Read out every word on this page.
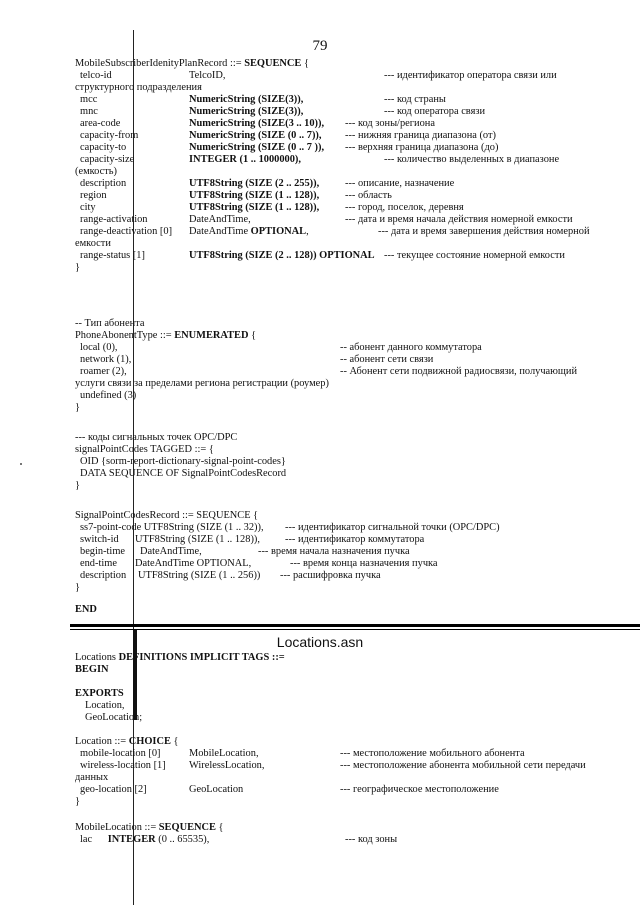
79
Locations.asn
MobileSubscriberIdenityPlanRecord ::= SEQUENCE {
telco-id	TelcoID,	--- идентификатор оператора связи или
структурного подразделения
mcc	NumericString (SIZE(3)),	--- код страны
mnc	NumericString (SIZE(3)),	--- код оператора связи
area-code	NumericString (SIZE(3 .. 10)), --- код зоны/региона
capacity-from	NumericString (SIZE (0 .. 7)), --- нижняя граница диапазона (от)
capacity-to	NumericString (SIZE (0 .. 7 )), --- верхняя граница диапазона (до)
capacity-size	INTEGER (1 .. 1000000),	--- количество выделенных в диапазоне
(емкость)
description	UTF8String (SIZE (2 .. 255)), --- описание, назначение
region	UTF8String (SIZE (1 .. 128)), --- область
city	UTF8String (SIZE (1 .. 128)), --- город, поселок, деревня
range-activation	DateAndTime,	--- дата и время начала действия номерной емкости
range-deactivation [0] DateAndTime OPTIONAL,	--- дата и время завершения действия номерной
емкости
range-status [1]	UTF8String (SIZE (2 .. 128)) OPTIONAL --- текущее состояние номерной емкости
}
-- Тип абонента
PhoneAbonentType ::= ENUMERATED {
local (0),	-- абонент данного коммутатора
network (1),	-- абонент сети связи
roamer (2),	-- Абонент сети подвижной радиосвязи, получающий
услуги связи за пределами региона регистрации (роумер)
undefined (3)
}
--- коды сигнальных точек OPC/DPC
signalPointCodes TAGGED ::= {
OID {sorm-report-dictionary-signal-point-codes}
DATA SEQUENCE OF SignalPointCodesRecord
}
SignalPointCodesRecord ::= SEQUENCE {
ss7-point-code UTF8String (SIZE (1 .. 32)), --- идентификатор сигнальной точки (OPC/DPC)
switch-id UTF8String (SIZE (1 .. 128)), --- идентификатор коммутатора
begin-time DateAndTime,	--- время начала назначения пучка
end-time DateAndTime OPTIONAL,	--- время конца назначения пучка
description UTF8String (SIZE (1 .. 256)) --- расшифровка пучка
}
END
Locations DEFINITIONS IMPLICIT TAGS ::=
BEGIN
EXPORTS
Location,
GeoLocation;
Location ::= CHOICE {
mobile-location [0]	MobileLocation,	--- местоположение мобильного абонента
wireless-location [1] WirelessLocation,	--- местоположение абонента мобильной сети передачи
данных
geo-location [2]	GeoLocation	--- географическое местоположение
}
MobileLocation ::= SEQUENCE {
lac      INTEGER (0 .. 65535),	--- код зоны
